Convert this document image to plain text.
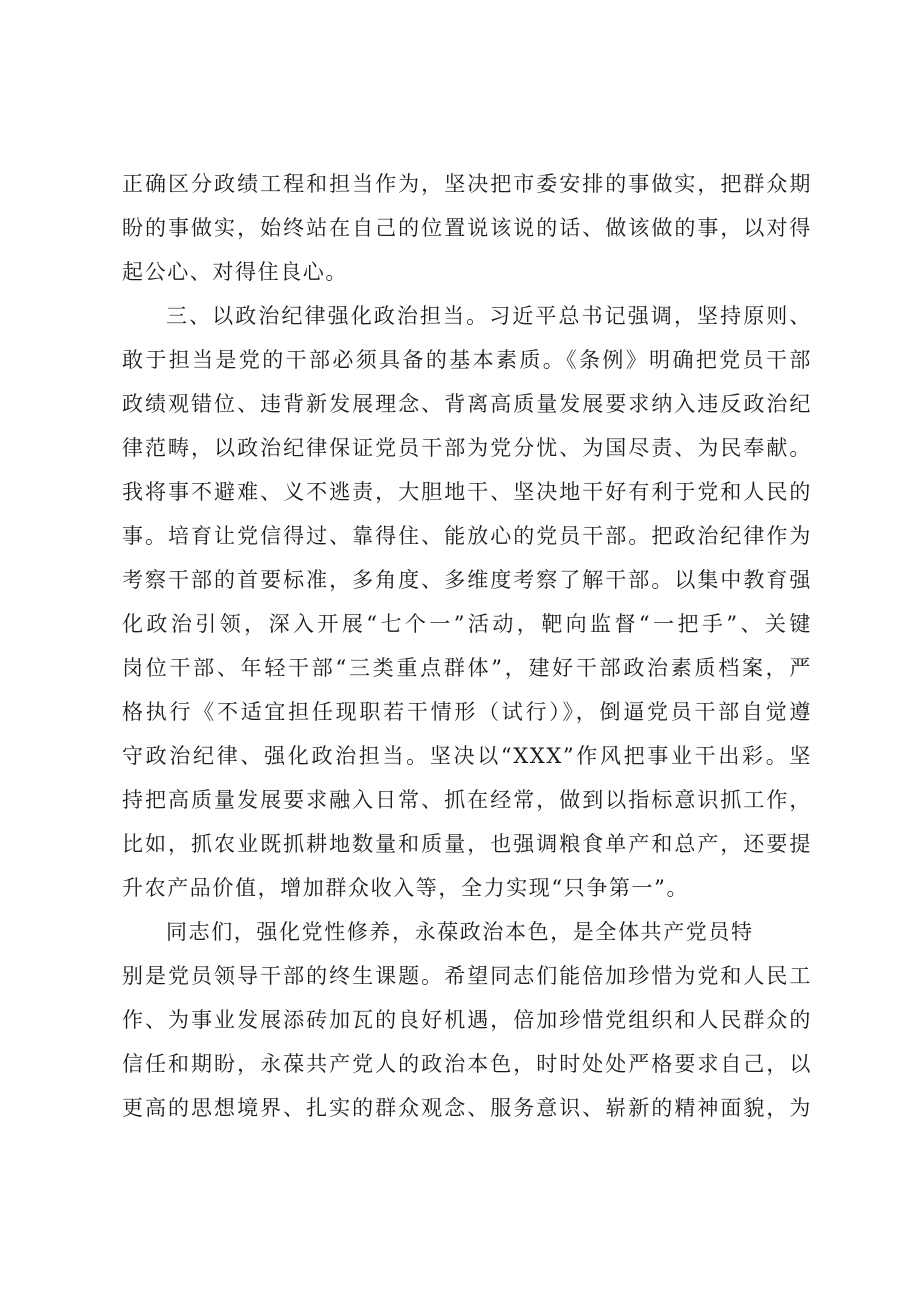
正确区分政绩工程和担当作为，坚决把市委安排的事做实，把群众期
盼的事做实，始终站在自己的位置说该说的话、做该做的事，以对得
起公心、对得住良心。
三、以政治纪律强化政治担当。习近平总书记强调，坚持原则、
敢于担当是党的干部必须具备的基本素质。《条例》明确把党员干部
政绩观错位、违背新发展理念、背离高质量发展要求纳入违反政治纪
律范畴，以政治纪律保证党员干部为党分忧、为国尽责、为民奉献。
我将事不避难、义不逃责，大胆地干、坚决地干好有利于党和人民的
事。培育让党信得过、靠得住、能放心的党员干部。把政治纪律作为
考察干部的首要标准，多角度、多维度考察了解干部。以集中教育强
化政治引领，深入开展“七个一”活动，靶向监督“一把手”、关键
岗位干部、年轻干部“三类重点群体”，建好干部政治素质档案，严
格执行《不适宜担任现职若干情形（试行）》，倒逼党员干部自觉遵
守政治纪律、强化政治担当。坚决以“XXX”作风把事业干出彩。坚
持把高质量发展要求融入日常、抓在经常，做到以指标意识抓工作，
比如，抓农业既抓耕地数量和质量，也强调粮食单产和总产，还要提
升农产品价值，增加群众收入等，全力实现“只争第一”。
同志们，强化党性修养，永葆政治本色，是全体共产党员特
别是党员领导干部的终生课题。希望同志们能倍加珍惜为党和人民工
作、为事业发展添砖加瓦的良好机遇，倍加珍惜党组织和人民群众的
信任和期盼，永葆共产党人的政治本色，时时处处严格要求自己，以
更高的思想境界、扎实的群众观念、服务意识、崭新的精神面貌，为
